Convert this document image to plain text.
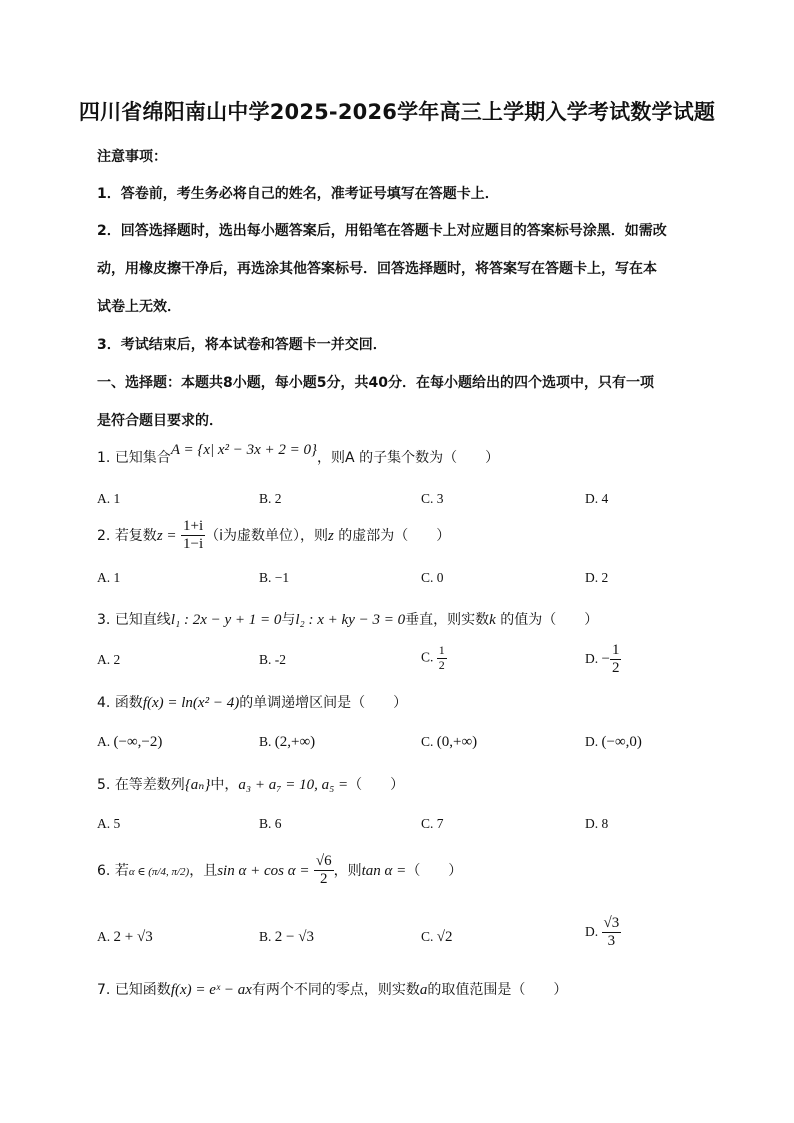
四川省绵阳南山中学2025-2026学年高三上学期入学考试数学试题
注意事项：
1．答卷前，考生务必将自己的姓名，准考证号填写在答题卡上．
2．回答选择题时，选出每小题答案后，用铅笔在答题卡上对应题目的答案标号涂黑．如需改
动，用橡皮擦干净后，再选涂其他答案标号．回答选择题时，将答案写在答题卡上，写在本
试卷上无效．
3．考试结束后，将本试卷和答题卡一并交回．
一、选择题：本题共8小题，每小题5分，共40分．在每小题给出的四个选项中，只有一项
是符合题目要求的．
1. 已知集合A = {x| x² − 3x + 2 = 0}，则A 的子集个数为（　　）
A. 1	B. 2	C. 3	D. 4
2. 若复数$z = \frac{1+i}{1-i} (i$为虚数单位），则z 的虚部为（　　）
A. 1	B. −1	C. 0	D. 2
3. 已知直线l₁ : 2x − y + 1 = 0与l₂ : x + ky − 3 = 0垂直，则实数k 的值为（　　）
A. 2	B. -2	C. $\frac{1}{2}$	D. − $\frac{1}{2}$
4. 函数f(x) = ln(x² − 4)的单调递增区间是（　　）
A. (−∞,−2)	B. (2,+∞)	C. (0,+∞)	D. (−∞,0)
5. 在等差数列{aₙ}中，a₃ + a₇ = 10, a₅ =（　　）
A. 5	B. 6	C. 7	D. 8
6. 若α ∈ (π/4, π/2)，且$\sin \alpha + \cos \alpha = \frac{√6}{2}$ ，则tan α =（　　）
A. 2 + √3	B. 2 − √3	C. √2	D. $\frac{√3}{3}$
7. 已知函数f(x) = eˣ − ax有两个不同的零点，则实数a的取值范围是（　　）
